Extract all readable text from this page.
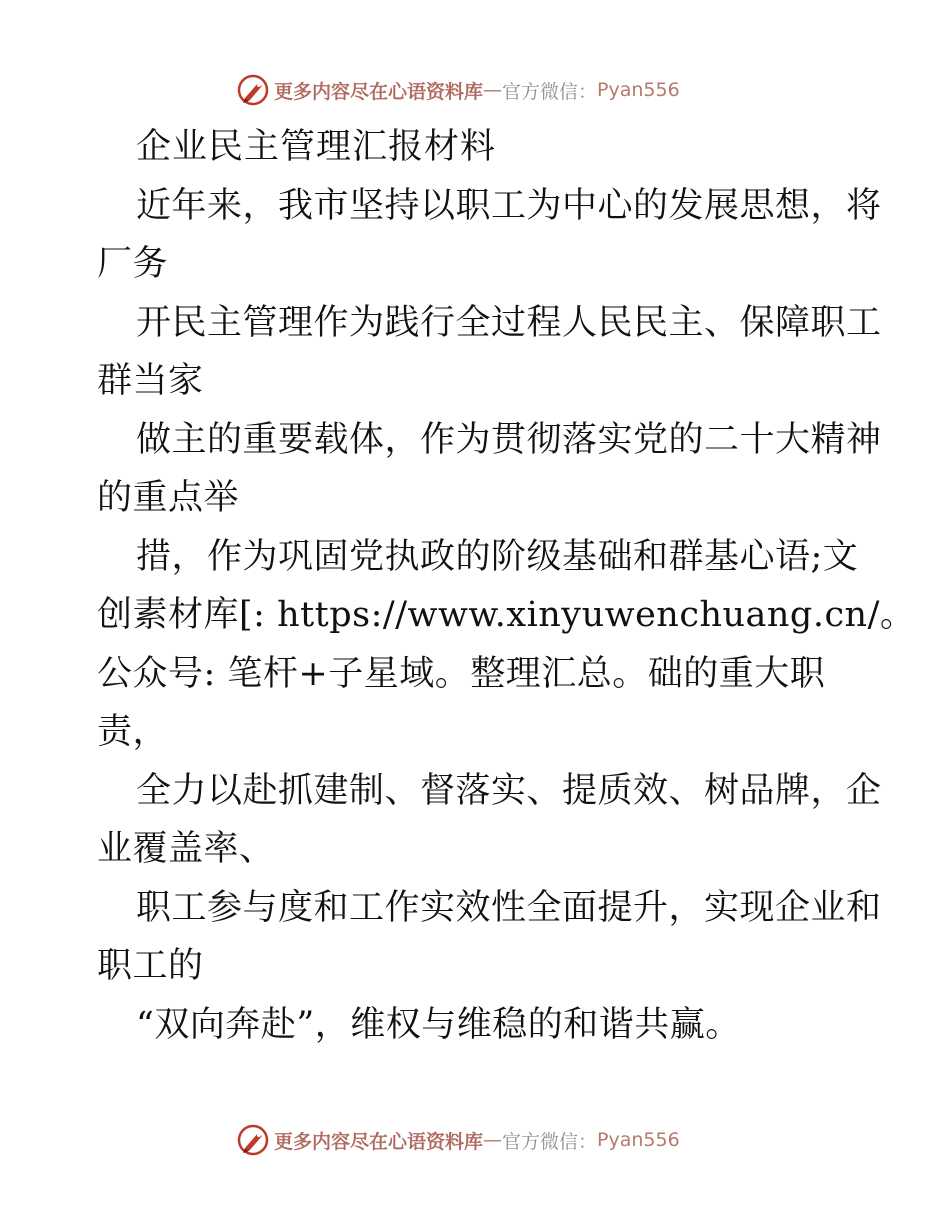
更多内容尽在心语资料库 — 官方微信： Pyan556
企业民主管理汇报材料
近年来，我市坚持以职工为中心的发展思想，将
厂务
开民主管理作为践行全过程人民民主、保障职工
群当家
做主的重要载体，作为贯彻落实党的二十大精神
的重点举
措，作为巩固党执政的阶级基础和群基心语;文
创素材库[: https://www.xinyuwenchuang.cn/。
公众号: 笔杆+子星域。整理汇总。础的重大职
责，
全力以赴抓建制、督落实、提质效、树品牌，企
业覆盖率、
职工参与度和工作实效性全面提升，实现企业和
职工的
“双向奔赴”，维权与维稳的和谐共赢。
更多内容尽在心语资料库 — 官方微信： Pyan556
